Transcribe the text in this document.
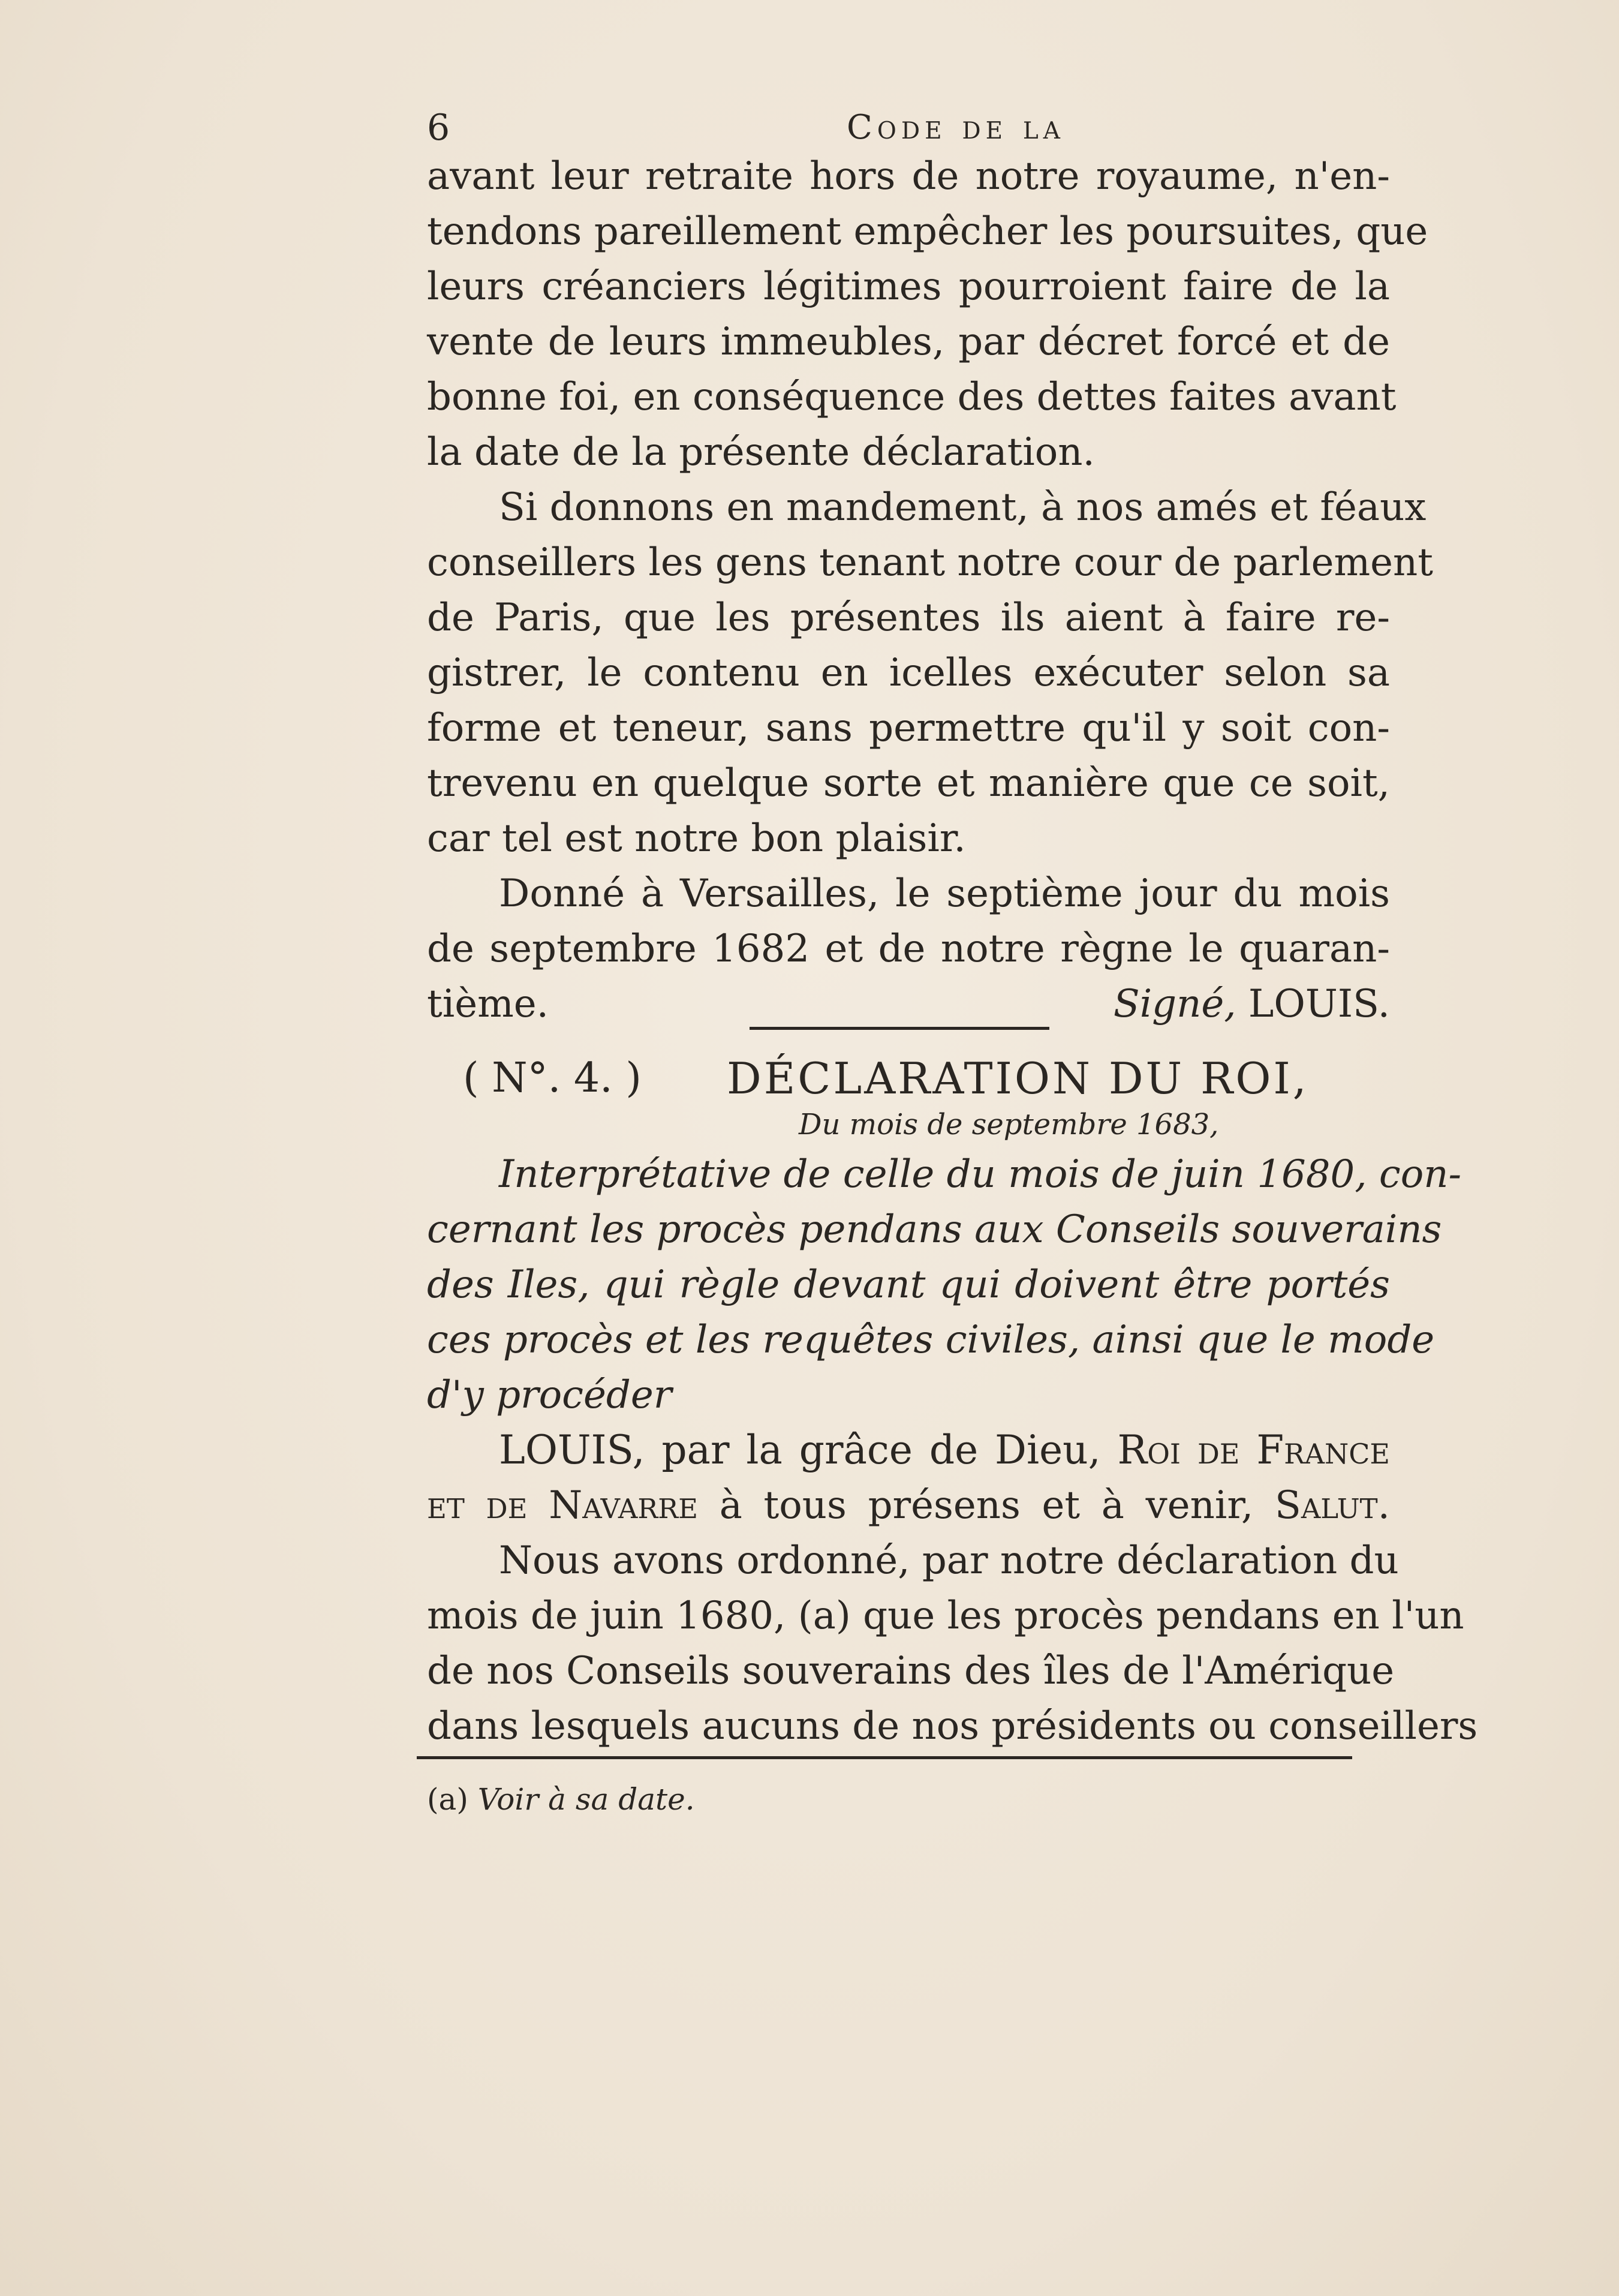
6	Code de la
avant leur retraite hors de notre royaume, n'en-
tendons pareillement empêcher les poursuites, que
leurs créanciers légitimes pourroient faire de la
vente de leurs immeubles, par décret forcé et de
bonne foi, en conséquence des dettes faites avant
la date de la présente déclaration.
Si donnons en mandement, à nos amés et féaux
conseillers les gens tenant notre cour de parlement
de Paris, que les présentes ils aient à faire re-
gistrer, le contenu en icelles exécuter selon sa
forme et teneur, sans permettre qu'il y soit con-
trevenu en quelque sorte et manière que ce soit,
car tel est notre bon plaisir.
Donné à Versailles, le septième jour du mois
de septembre 1682 et de notre règne le quaran-
tième.	Signé, LOUIS.
( N°. 4. ) DÉCLARATION DU ROI,
Du mois de septembre 1683,
Interprétative de celle du mois de juin 1680, con-
cernant les procès pendans aux Conseils souverains
des Iles, qui règle devant qui doivent être portés
ces procès et les requêtes civiles, ainsi que le mode
d'y procéder
LOUIS, par la grâce de Dieu, Roi de France
et de Navarre à tous présens et à venir, Salut.
Nous avons ordonné, par notre déclaration du
mois de juin 1680, (a) que les procès pendans en l'un
de nos Conseils souverains des îles de l'Amérique
dans lesquels aucuns de nos présidents ou conseillers
(a) Voir à sa date.
